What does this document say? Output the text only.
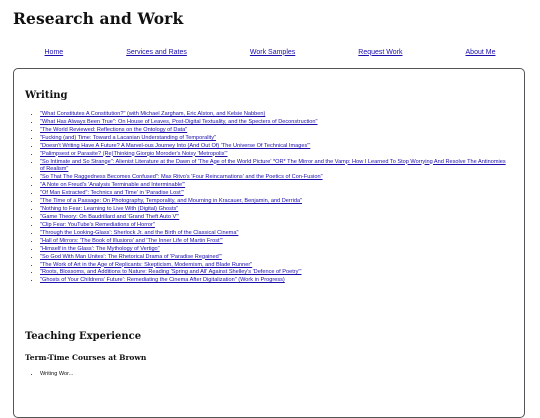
Research and Work
Home	Services and Rates	Work Samples	Request Work	About Me
Writing
• "What Constitutes A Constitution?" (with Michael Zargham, Eric Alston, and Kelsie Nabben)
• "What Has Always Been True": On House of Leaves, Post-Digital Textuality, and the Specters of Deconstruction"
• "The World Reviewed: Reflections on the Ontology of Data"
• "Fucking (and) Time: Toward a Lacanian Understanding of Temporality"
• "Doesn't Writing Have A Future? A Marvel-ous Journey Into (And Out Of) 'The Universe Of Technical Images'"
• "Palimpsest or Parasite? (Re)Thinking Giorgio Moroder's Noisy 'Metropolis'"
• "So Intimate and So Strange": Alienist Literature at the Dawn of 'The Age of the World Picture' *OR* The Mirror and the Vamp: How I Learned To Stop Worrying And Resolve The Antinomies of Realism"
• "So That The Raggedness Becomes Confused": Max Ritvo's 'Four Reincarnations' and the Poetics of Con-Fusion"
• "A Note on Freud's 'Analysis Terminable and Interminable'"
• "Of Man Extracted": Technics and Time' in 'Paradise Lost'"
• "The Time of a Passage: On Photography, Temporality, and Mourning in Kracauer, Benjamin, and Derrida"
• "Nothing to Fear: Learning to Live With (Digital) Ghosts"
• "Game Theory: On Baudrillard and 'Grand Theft Auto V'"
• "Clip Fear: YouTube's Remediations of Horror"
• "Through the Looking-Glass': Sherlock Jr. and the Birth of the Classical Cinema"
• "Hall of Mirrors: 'The Book of Illusions' and 'The Inner Life of Martin Frost'"
• "Himself in the Glass': The Mythology of Vertigo"
• "So God With Man Unites': The Rhetorical Drama of 'Paradise Regained'"
• "The Work of Art in the Age of Replicants: Skepticism, Modernism, and Blade Runner"
• "Roots, Blossoms, and Additions to Nature: Reading 'Spring and All' Against Shelley's 'Defence of Poetry'"
• "Ghosts of Your Childrens' Future': Remediating the Cinema After Digitalization" (Work in Progress)
Teaching Experience
Term-Time Courses at Brown
• Writing Wor...
